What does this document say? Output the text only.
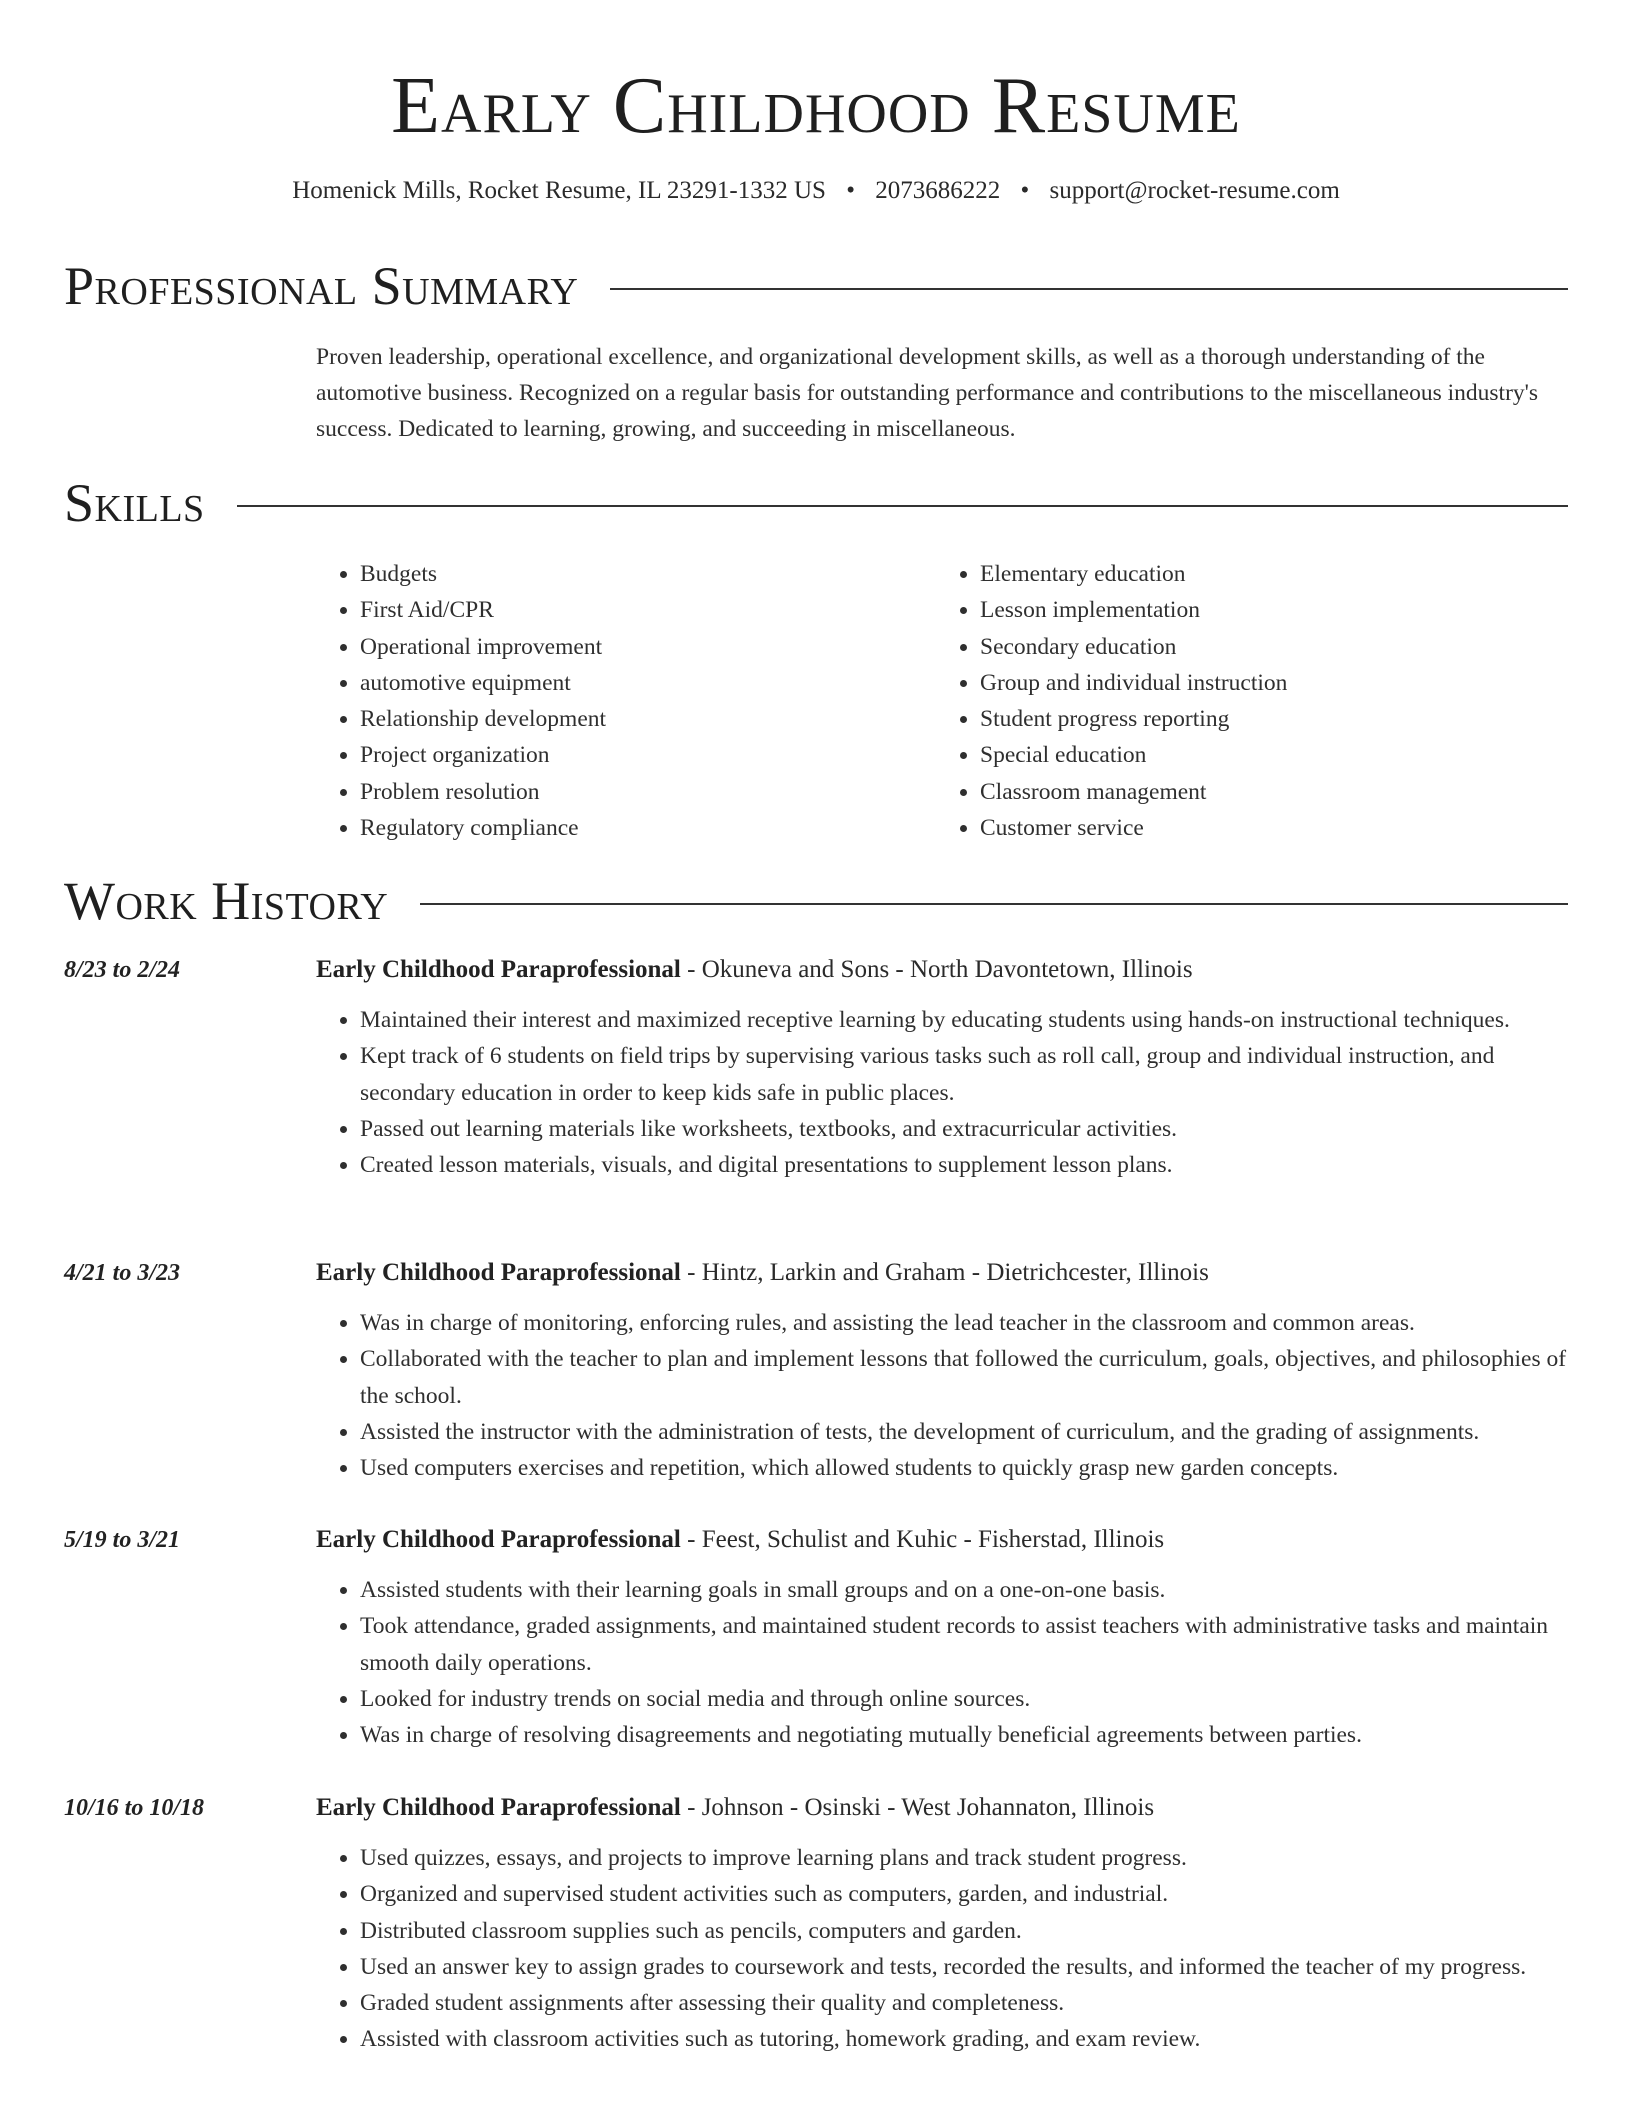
Early Childhood Resume
Homenick Mills, Rocket Resume, IL 23291-1332 US • 2073686222 • support@rocket-resume.com
Professional Summary

Proven leadership, operational excellence, and organizational development skills, as well as a thorough understanding of the automotive business. Recognized on a regular basis for outstanding performance and contributions to the miscellaneous industry's success. Dedicated to learning, growing, and succeeding in miscellaneous.

Skills
• Budgets
• First Aid/CPR
• Operational improvement
• automotive equipment
• Relationship development
• Project organization
• Problem resolution
• Regulatory compliance
• Elementary education
• Lesson implementation
• Secondary education
• Group and individual instruction
• Student progress reporting
• Special education
• Classroom management
• Customer service
Work History
8/23 to 2/24	Early Childhood Paraprofessional - Okuneva and Sons - North Davontetown, Illinois
• Maintained their interest and maximized receptive learning by educating students using hands-on instructional techniques.
• Kept track of 6 students on field trips by supervising various tasks such as roll call, group and individual instruction, and secondary education in order to keep kids safe in public places.
• Passed out learning materials like worksheets, textbooks, and extracurricular activities.
• Created lesson materials, visuals, and digital presentations to supplement lesson plans.
4/21 to 3/23	Early Childhood Paraprofessional - Hintz, Larkin and Graham - Dietrichcester, Illinois
• Was in charge of monitoring, enforcing rules, and assisting the lead teacher in the classroom and common areas.
• Collaborated with the teacher to plan and implement lessons that followed the curriculum, goals, objectives, and philosophies of the school.
• Assisted the instructor with the administration of tests, the development of curriculum, and the grading of assignments.
• Used computers exercises and repetition, which allowed students to quickly grasp new garden concepts.
5/19 to 3/21	Early Childhood Paraprofessional - Feest, Schulist and Kuhic - Fisherstad, Illinois
• Assisted students with their learning goals in small groups and on a one-on-one basis.
• Took attendance, graded assignments, and maintained student records to assist teachers with administrative tasks and maintain smooth daily operations.
• Looked for industry trends on social media and through online sources.
• Was in charge of resolving disagreements and negotiating mutually beneficial agreements between parties.
10/16 to 10/18	Early Childhood Paraprofessional - Johnson - Osinski - West Johannaton, Illinois
• Used quizzes, essays, and projects to improve learning plans and track student progress.
• Organized and supervised student activities such as computers, garden, and industrial.
• Distributed classroom supplies such as pencils, computers and garden.
• Used an answer key to assign grades to coursework and tests, recorded the results, and informed the teacher of my progress.
• Graded student assignments after assessing their quality and completeness.
• Assisted with classroom activities such as tutoring, homework grading, and exam review.
